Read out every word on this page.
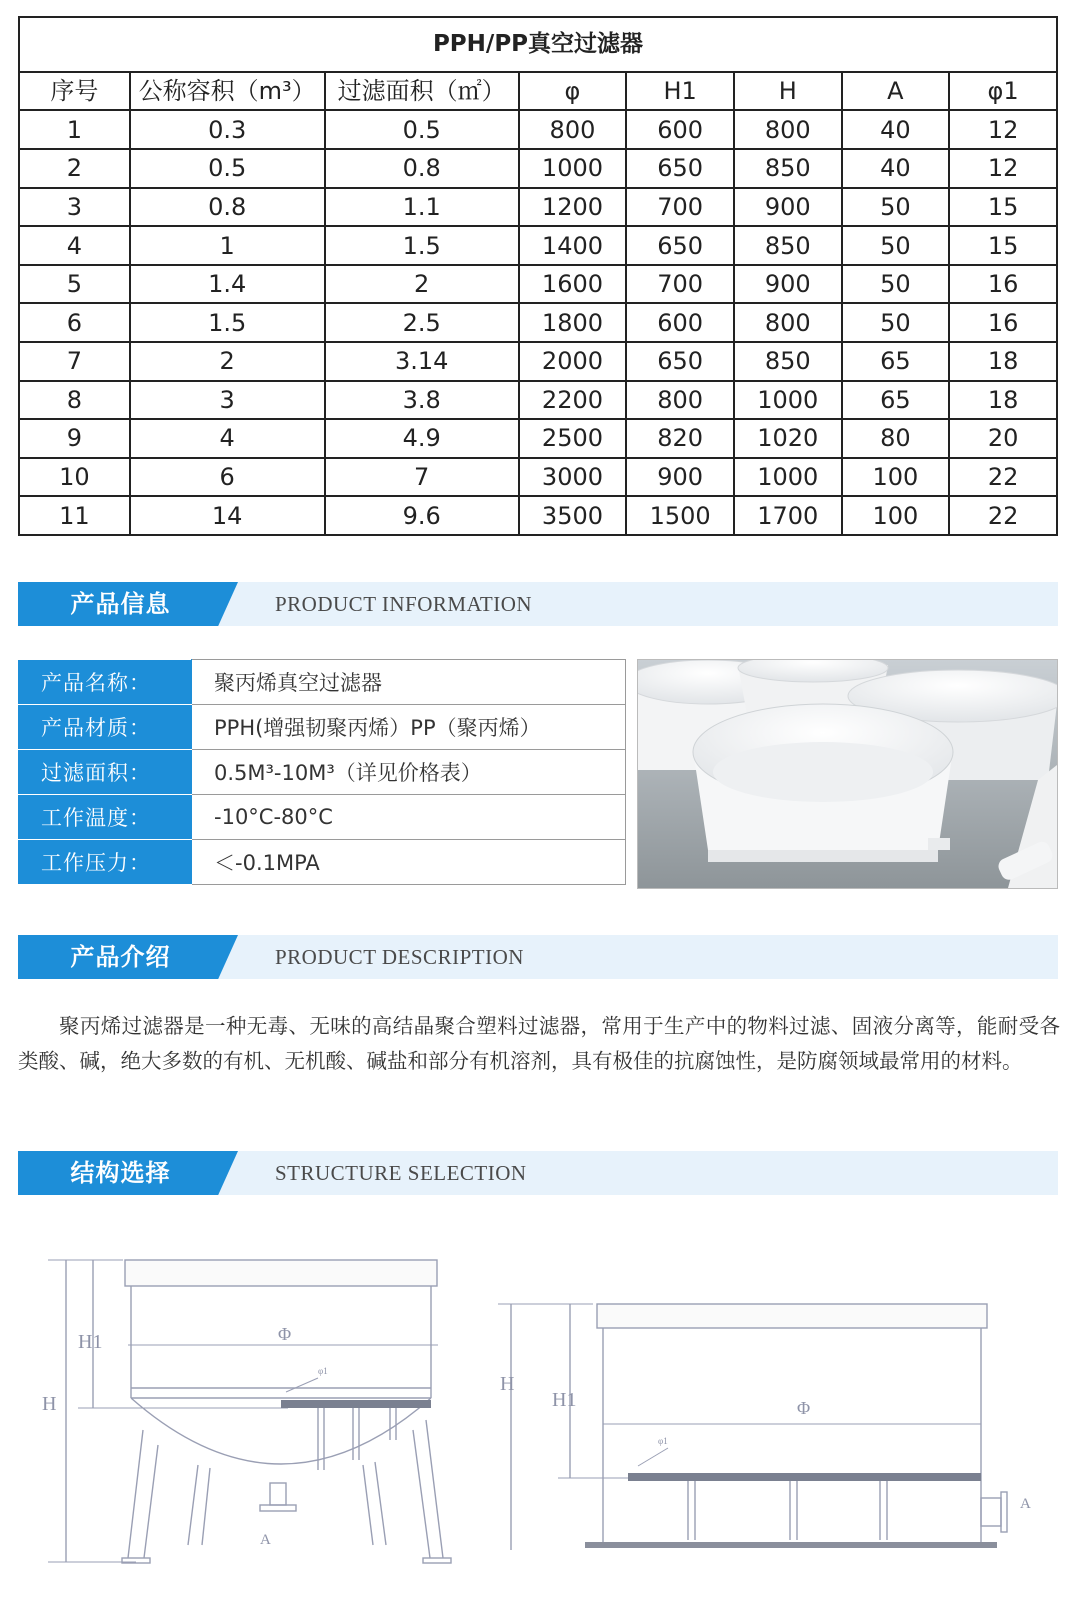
PPH/PP真空过滤器							
序号	公称容积（m³）	过滤面积（㎡）	φ	H1	H	A	φ1
1	0.3	0.5	800	600	800	40	12
2	0.5	0.8	1000	650	850	40	12
3	0.8	1.1	1200	700	900	50	15
4	1	1.5	1400	650	850	50	15
5	1.4	2	1600	700	900	50	16
6	1.5	2.5	1800	600	800	50	16
7	2	3.14	2000	650	850	65	18
8	3	3.8	2200	800	1000	65	18
9	4	4.9	2500	820	1020	80	20
10	6	7	3000	900	1000	100	22
11	14	9.6	3500	1500	1700	100	22
产品信息	PRODUCT INFORMATION
产品名称：	聚丙烯真空过滤器
产品材质：	PPH(增强韧聚丙烯）PP（聚丙烯）
过滤面积：	0.5M³-10M³（详见价格表）
工作温度：	-10°C-80°C
工作压力：	＜-0.1MPA
产品介绍	PRODUCT DESCRIPTION
聚丙烯过滤器是一种无毒、无味的高结晶聚合塑料过滤器，常用于生产中的物料过滤、固液分离等，能耐受各类酸、碱，绝大多数的有机、无机酸、碱盐和部分有机溶剂，具有极佳的抗腐蚀性，是防腐领域最常用的材料。
结构选择	STRUCTURE SELECTION
H1
H
Φ
φ1
A
H
H1	Φ
φ1
A
